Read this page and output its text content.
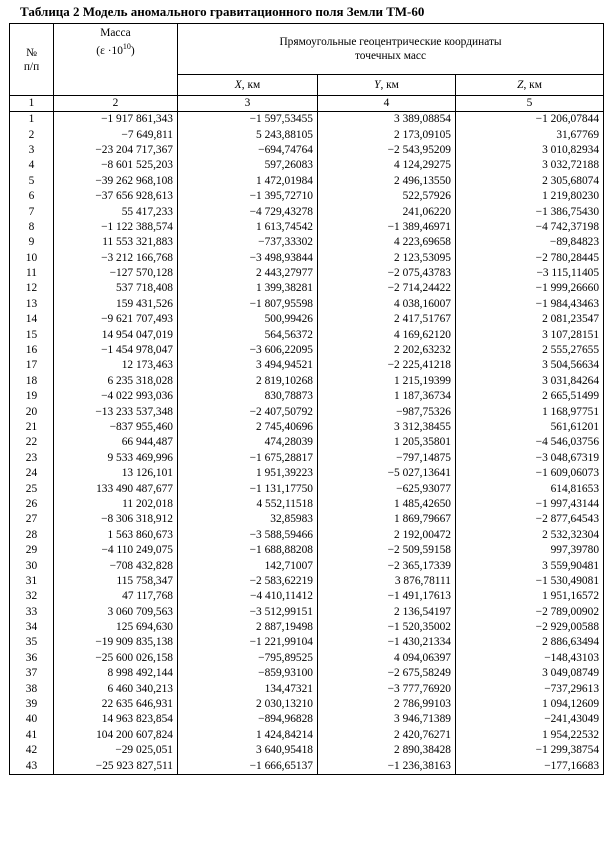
Таблица 2 Модель аномального гравитационного поля Земли ТМ-60
№
п/п	Масса
$(\varepsilon \cdot 10^{10})$	Прямоугольные геоцентрические координаты
точечных масс		
		X, км	Y, км	Z, км
1	2	3	4	5
1	−1 917 861,343	−1 597,53455	3 389,08854	−1 206,07844
2	−7 649,811	5 243,88105	2 173,09105	31,67769
3	−23 204 717,367	−694,74764	−2 543,95209	3 010,82934
4	−8 601 525,203	597,26083	4 124,29275	3 032,72188
5	−39 262 968,108	1 472,01984	2 496,13550	2 305,68074
6	−37 656 928,613	−1 395,72710	522,57926	1 219,80230
7	55 417,233	−4 729,43278	241,06220	−1 386,75430
8	−1 122 388,574	1 613,74542	−1 389,46971	−4 742,37198
9	11 553 321,883	−737,33302	4 223,69658	−89,84823
10	−3 212 166,768	−3 498,93844	2 123,53095	−2 780,28445
11	−127 570,128	2 443,27977	−2 075,43783	−3 115,11405
12	537 718,408	1 399,38281	−2 714,24422	−1 999,26660
13	159 431,526	−1 807,95598	4 038,16007	−1 984,43463
14	−9 621 707,493	500,99426	2 417,51767	2 081,23547
15	14 954 047,019	564,56372	4 169,62120	3 107,28151
16	−1 454 978,047	−3 606,22095	2 202,63232	2 555,27655
17	12 173,463	3 494,94521	−2 225,41218	3 504,56634
18	6 235 318,028	2 819,10268	1 215,19399	3 031,84264
19	−4 022 993,036	830,78873	1 187,36734	2 665,51499
20	−13 233 537,348	−2 407,50792	−987,75326	1 168,97751
21	−837 955,460	2 745,40696	3 312,38455	561,61201
22	66 944,487	474,28039	1 205,35801	−4 546,03756
23	9 533 469,996	−1 675,28817	−797,14875	−3 048,67319
24	13 126,101	1 951,39223	−5 027,13641	−1 609,06073
25	133 490 487,677	−1 131,17750	−625,93077	614,81653
26	11 202,018	4 552,11518	1 485,42650	−1 997,43144
27	−8 306 318,912	32,85983	1 869,79667	−2 877,64543
28	1 563 860,673	−3 588,59466	2 192,00472	2 532,32304
29	−4 110 249,075	−1 688,88208	−2 509,59158	997,39780
30	−708 432,828	142,71007	−2 365,17339	3 559,90481
31	115 758,347	−2 583,62219	3 876,78111	−1 530,49081
32	47 117,768	−4 410,11412	−1 491,17613	1 951,16572
33	3 060 709,563	−3 512,99151	2 136,54197	−2 789,00902
34	125 694,630	2 887,19498	−1 520,35002	−2 929,00588
35	−19 909 835,138	−1 221,99104	−1 430,21334	2 886,63494
36	−25 600 026,158	−795,89525	4 094,06397	−148,43103
37	8 998 492,144	−859,93100	−2 675,58249	3 049,08749
38	6 460 340,213	134,47321	−3 777,76920	−737,29613
39	22 635 646,931	2 030,13210	2 786,99103	1 094,12609
40	14 963 823,854	−894,96828	3 946,71389	−241,43049
41	104 200 607,824	1 424,84214	2 420,76271	1 954,22532
42	−29 025,051	3 640,95418	2 890,38428	−1 299,38754
43	−25 923 827,511	−1 666,65137	−1 236,38163	−177,16683
